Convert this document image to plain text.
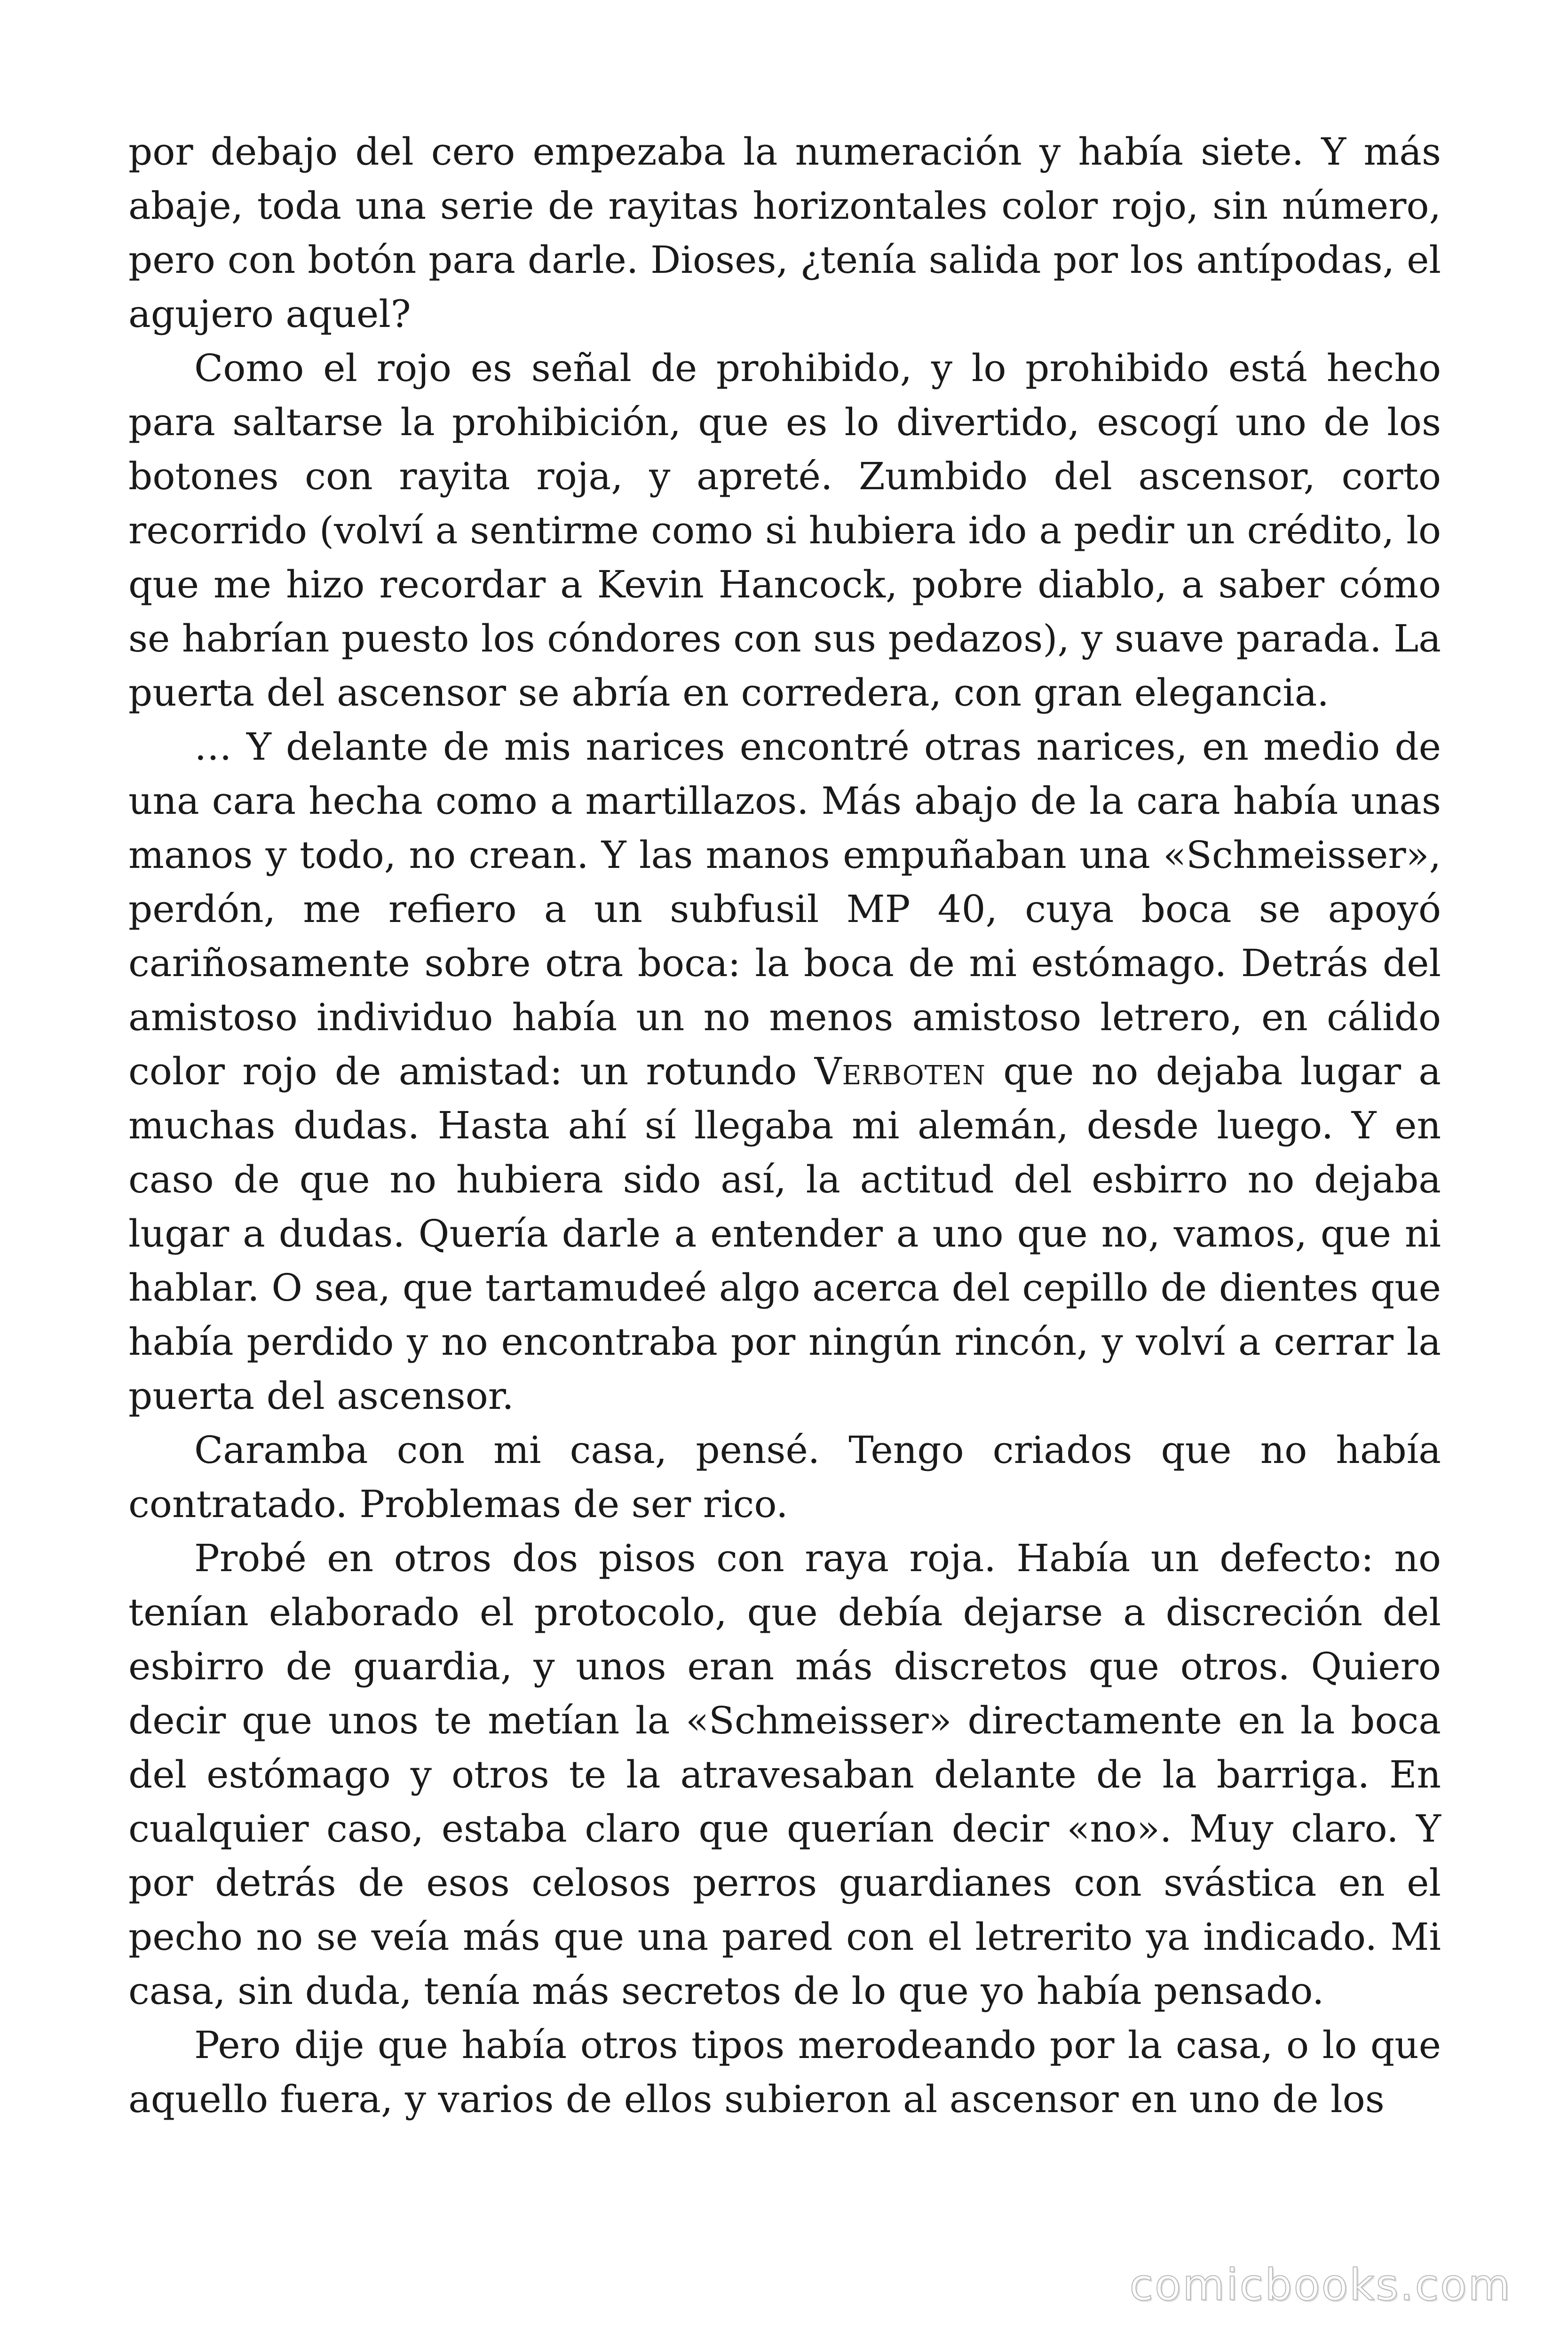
por debajo del cero empezaba la numeración y había siete. Y más abaje, toda una serie de rayitas horizontales color rojo, sin número, pero con botón para darle. Dioses, ¿tenía salida por los antípodas, el agujero aquel?

Como el rojo es señal de prohibido, y lo prohibido está hecho para saltarse la prohibición, que es lo divertido, escogí uno de los botones con rayita roja, y apreté. Zumbido del ascensor, corto recorrido (volví a sentirme como si hubiera ido a pedir un crédito, lo que me hizo recordar a Kevin Hancock, pobre diablo, a saber cómo se habrían puesto los cóndores con sus pedazos), y suave parada. La puerta del ascensor se abría en corredera, con gran elegancia.

… Y delante de mis narices encontré otras narices, en medio de una cara hecha como a martillazos. Más abajo de la cara había unas manos y todo, no crean. Y las manos empuñaban una «Schmeisser», perdón, me refiero a un subfusil MP 40, cuya boca se apoyó cariñosamente sobre otra boca: la boca de mi estómago. Detrás del amistoso individuo había un no menos amistoso letrero, en cálido color rojo de amistad: un rotundo Verboten que no dejaba lugar a muchas dudas. Hasta ahí sí llegaba mi alemán, desde luego. Y en caso de que no hubiera sido así, la actitud del esbirro no dejaba lugar a dudas. Quería darle a entender a uno que no, vamos, que ni hablar. O sea, que tartamudeé algo acerca del cepillo de dientes que había perdido y no encontraba por ningún rincón, y volví a cerrar la puerta del ascensor.

Caramba con mi casa, pensé. Tengo criados que no había contratado. Problemas de ser rico.

Probé en otros dos pisos con raya roja. Había un defecto: no tenían elaborado el protocolo, que debía dejarse a discreción del esbirro de guardia, y unos eran más discretos que otros. Quiero decir que unos te metían la «Schmeisser» directamente en la boca del estómago y otros te la atravesaban delante de la barriga. En cualquier caso, estaba claro que querían decir «no». Muy claro. Y por detrás de esos celosos perros guardianes con svástica en el pecho no se veía más que una pared con el letrerito ya indicado. Mi casa, sin duda, tenía más secretos de lo que yo había pensado.

Pero dije que había otros tipos merodeando por la casa, o lo que aquello fuera, y varios de ellos subieron al ascensor en uno de los

comicbooks.com
